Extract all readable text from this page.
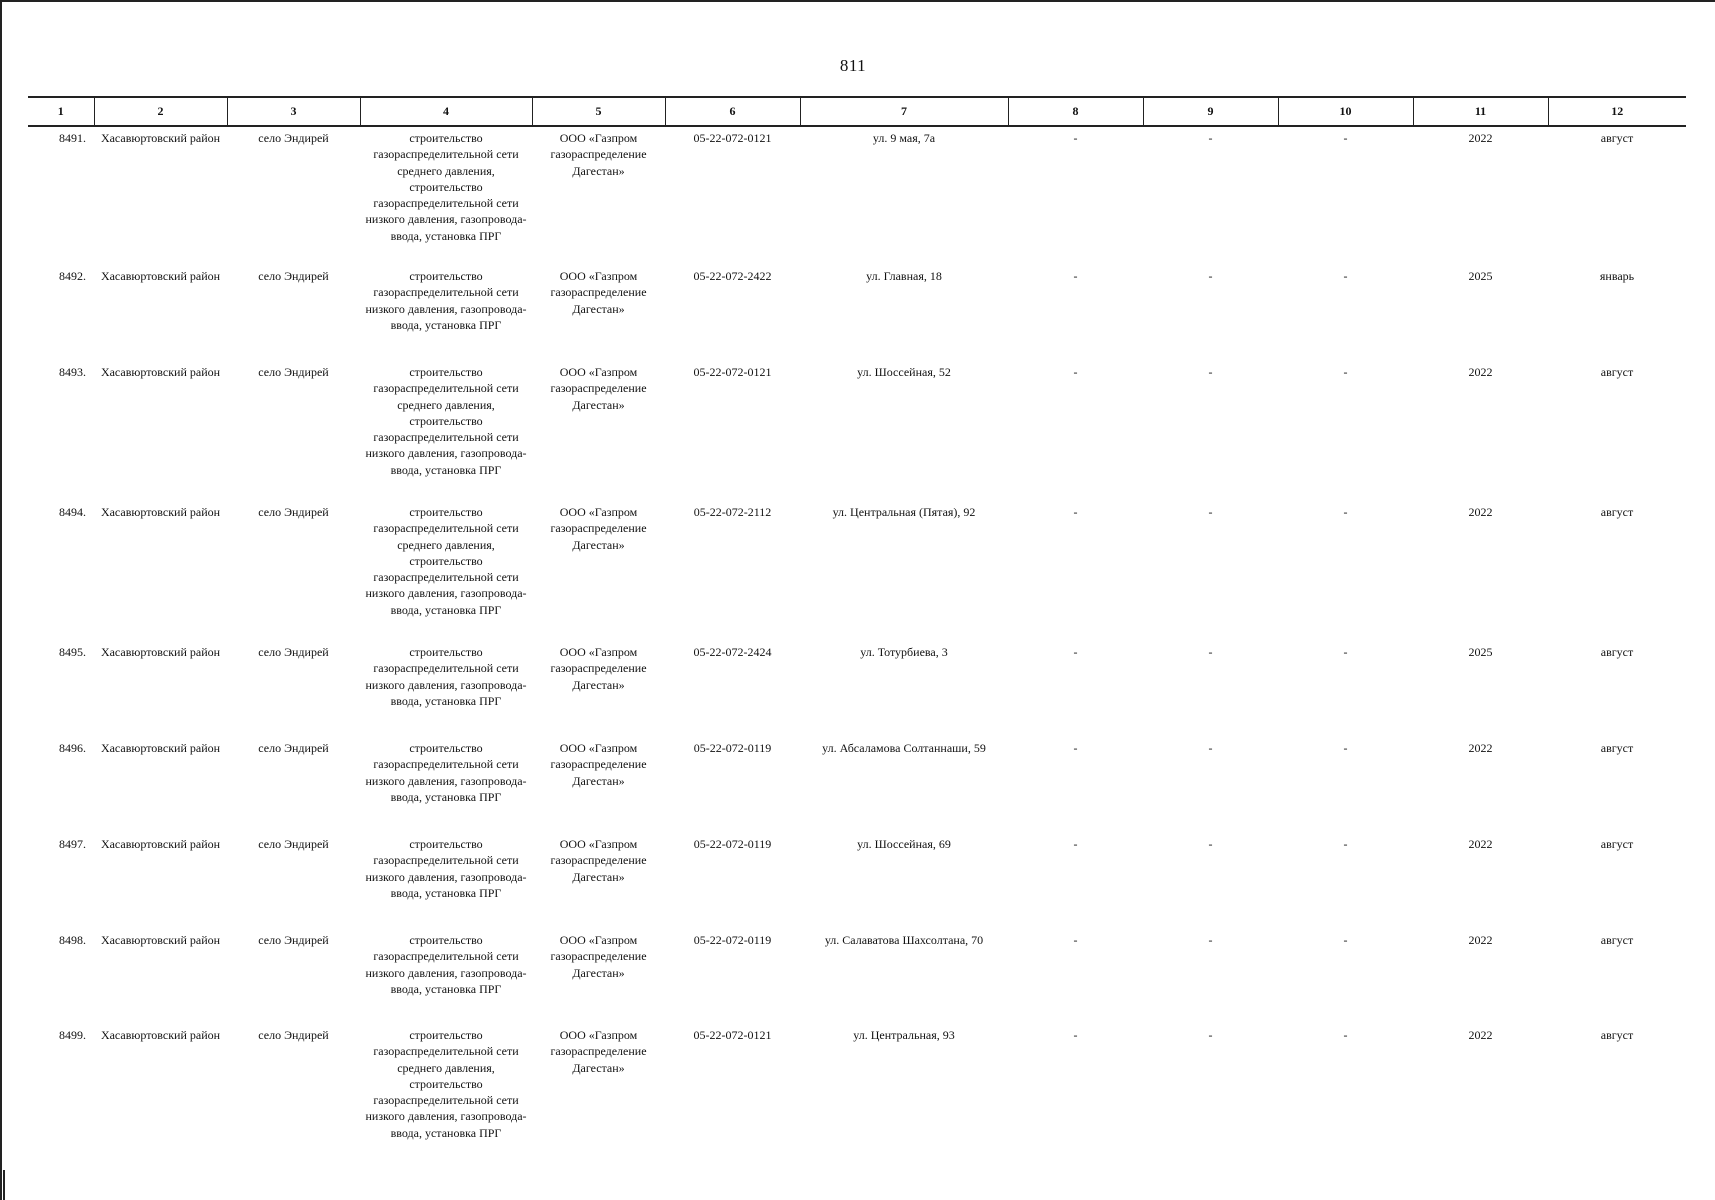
811
1	2	3	4	5	6	7	8	9	10	11	12
8491.	Хасавюртовский район	село Эндирей	строительство газораспределительной сети среднего давления, строительство газораспределительной сети низкого давления, газопровода-ввода, установка ПРГ	ООО «Газпром газораспределение Дагестан»	05-22-072-0121	ул. 9 мая, 7а	-	-	-	2022	август
8492.	Хасавюртовский район	село Эндирей	строительство газораспределительной сети низкого давления, газопровода-ввода, установка ПРГ	ООО «Газпром газораспределение Дагестан»	05-22-072-2422	ул. Главная, 18	-	-	-	2025	январь
8493.	Хасавюртовский район	село Эндирей	строительство газораспределительной сети среднего давления, строительство газораспределительной сети низкого давления, газопровода-ввода, установка ПРГ	ООО «Газпром газораспределение Дагестан»	05-22-072-0121	ул. Шоссейная, 52	-	-	-	2022	август
8494.	Хасавюртовский район	село Эндирей	строительство газораспределительной сети среднего давления, строительство газораспределительной сети низкого давления, газопровода-ввода, установка ПРГ	ООО «Газпром газораспределение Дагестан»	05-22-072-2112	ул. Центральная (Пятая), 92	-	-	-	2022	август
8495.	Хасавюртовский район	село Эндирей	строительство газораспределительной сети низкого давления, газопровода-ввода, установка ПРГ	ООО «Газпром газораспределение Дагестан»	05-22-072-2424	ул. Тотурбиева, 3	-	-	-	2025	август
8496.	Хасавюртовский район	село Эндирей	строительство газораспределительной сети низкого давления, газопровода-ввода, установка ПРГ	ООО «Газпром газораспределение Дагестан»	05-22-072-0119	ул. Абсаламова Солтаннаши, 59	-	-	-	2022	август
8497.	Хасавюртовский район	село Эндирей	строительство газораспределительной сети низкого давления, газопровода-ввода, установка ПРГ	ООО «Газпром газораспределение Дагестан»	05-22-072-0119	ул. Шоссейная, 69	-	-	-	2022	август
8498.	Хасавюртовский район	село Эндирей	строительство газораспределительной сети низкого давления, газопровода-ввода, установка ПРГ	ООО «Газпром газораспределение Дагестан»	05-22-072-0119	ул. Салаватова Шахсолтана, 70	-	-	-	2022	август
8499.	Хасавюртовский район	село Эндирей	строительство газораспределительной сети среднего давления, строительство газораспределительной сети низкого давления, газопровода-ввода, установка ПРГ	ООО «Газпром газораспределение Дагестан»	05-22-072-0121	ул. Центральная, 93	-	-	-	2022	август
